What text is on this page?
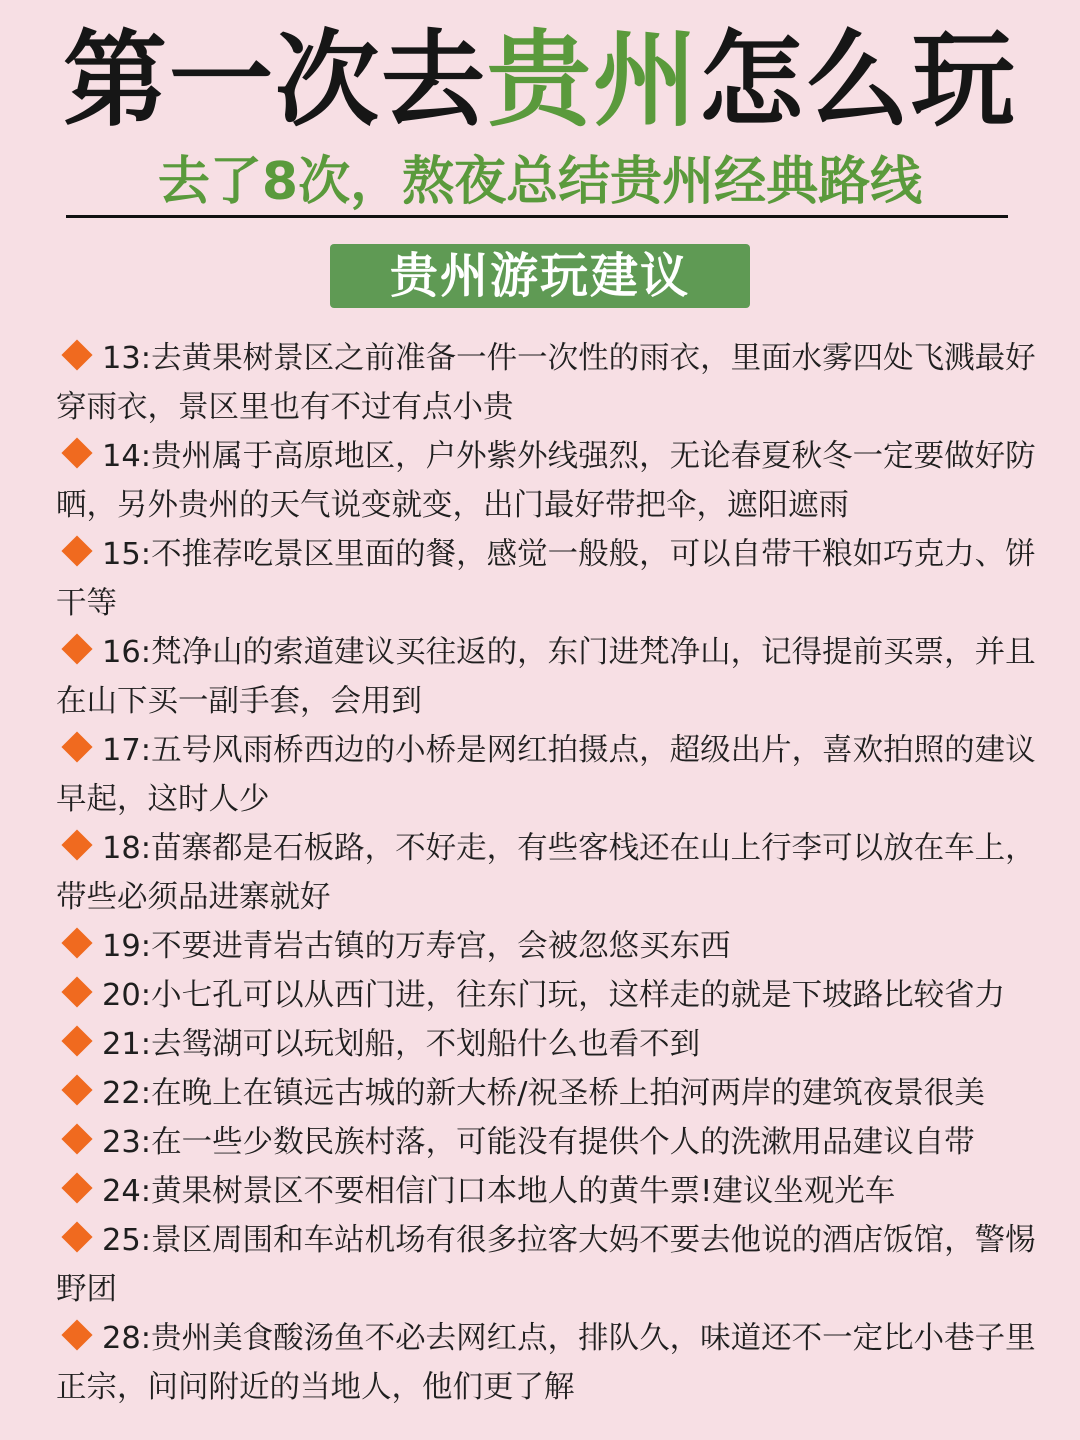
第一次去贵州怎么玩
去了8次，熬夜总结贵州经典路线
贵州游玩建议
13:去黄果树景区之前准备一件一次性的雨衣，里面水雾四处飞溅最好穿雨衣，景区里也有不过有点小贵
14:贵州属于高原地区，户外紫外线强烈，无论春夏秋冬一定要做好防晒，另外贵州的天气说变就变，出门最好带把伞，遮阳遮雨
15:不推荐吃景区里面的餐，感觉一般般，可以自带干粮如巧克力、饼干等
16:梵净山的索道建议买往返的，东门进梵净山，记得提前买票，并且在山下买一副手套，会用到
17:五号风雨桥西边的小桥是网红拍摄点，超级出片，喜欢拍照的建议早起，这时人少
18:苗寨都是石板路，不好走，有些客栈还在山上行李可以放在车上，带些必须品进寨就好
19:不要进青岩古镇的万寿宫，会被忽悠买东西
20:小七孔可以从西门进，往东门玩，这样走的就是下坡路比较省力
21:去鸳湖可以玩划船，不划船什么也看不到
22:在晚上在镇远古城的新大桥/祝圣桥上拍河两岸的建筑夜景很美
23:在一些少数民族村落，可能没有提供个人的洗漱用品建议自带
24:黄果树景区不要相信门口本地人的黄牛票!建议坐观光车
25:景区周围和车站机场有很多拉客大妈不要去他说的酒店饭馆，警惕野团
28:贵州美食酸汤鱼不必去网红点，排队久，味道还不一定比小巷子里正宗，问问附近的当地人，他们更了解
